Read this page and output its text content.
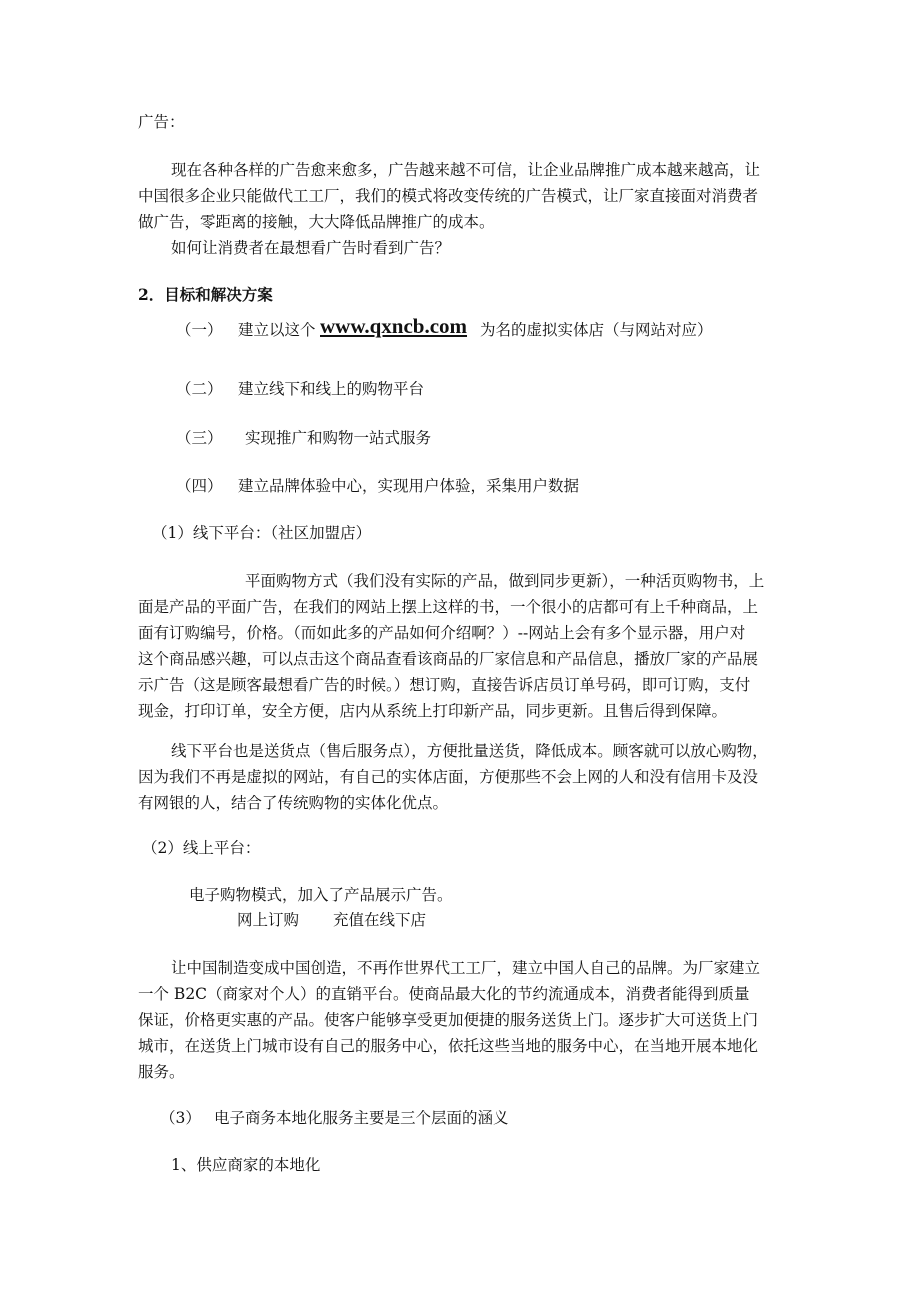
广告：
现在各种各样的广告愈来愈多，广告越来越不可信，让企业品牌推广成本越来越高，让
中国很多企业只能做代工工厂，我们的模式将改变传统的广告模式，让厂家直接面对消费者
做广告，零距离的接触，大大降低品牌推广的成本。
如何让消费者在最想看广告时看到广告？
2．目标和解决方案
（一） 建立以这个 www.qxncb.com 为名的虚拟实体店（与网站对应）
（二） 建立线下和线上的购物平台
（三） 实现推广和购物一站式服务
（四） 建立品牌体验中心，实现用户体验，采集用户数据
（1）线下平台：（社区加盟店）
平面购物方式（我们没有实际的产品，做到同步更新），一种活页购物书，上
面是产品的平面广告，在我们的网站上摆上这样的书，一个很小的店都可有上千种商品，上
面有订购编号，价格。（而如此多的产品如何介绍啊？）--网站上会有多个显示器，用户对
这个商品感兴趣，可以点击这个商品查看该商品的厂家信息和产品信息，播放厂家的产品展
示广告（这是顾客最想看广告的时候。）想订购，直接告诉店员订单号码，即可订购，支付
现金，打印订单，安全方便，店内从系统上打印新产品，同步更新。且售后得到保障。
线下平台也是送货点（售后服务点），方便批量送货，降低成本。顾客就可以放心购物，
因为我们不再是虚拟的网站，有自己的实体店面，方便那些不会上网的人和没有信用卡及没
有网银的人，结合了传统购物的实体化优点。
（2）线上平台：
电子购物模式，加入了产品展示广告。
网上订购 充值在线下店
让中国制造变成中国创造，不再作世界代工工厂，建立中国人自己的品牌。为厂家建立
一个 B2C（商家对个人）的直销平台。使商品最大化的节约流通成本，消费者能得到质量
保证，价格更实惠的产品。使客户能够享受更加便捷的服务送货上门。逐步扩大可送货上门
城市，在送货上门城市设有自己的服务中心，依托这些当地的服务中心，在当地开展本地化
服务。
（3） 电子商务本地化服务主要是三个层面的涵义
1、供应商家的本地化
